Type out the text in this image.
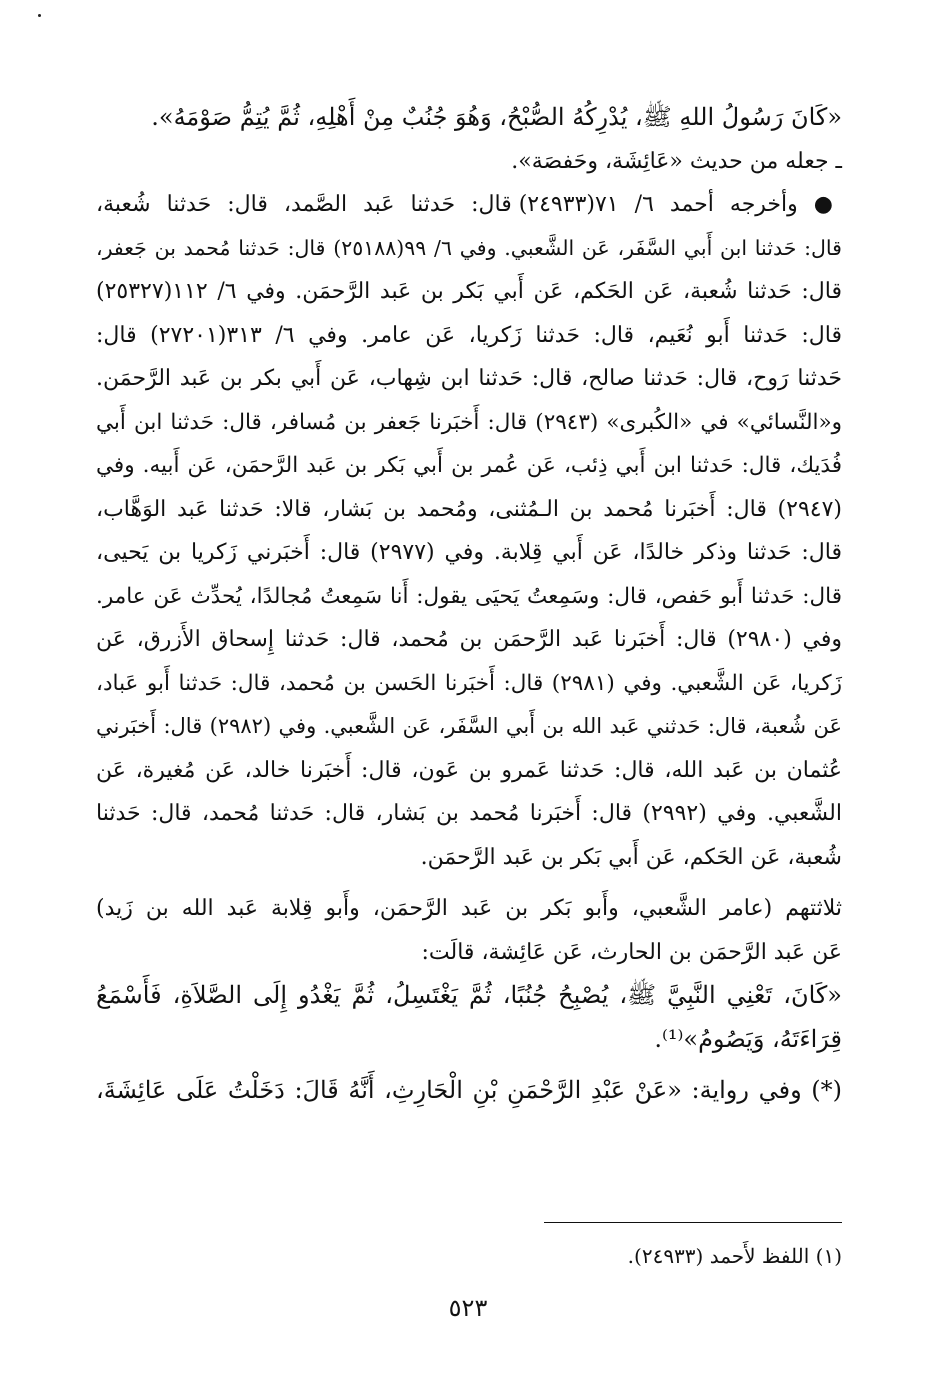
«كَانَ رَسُولُ اللهِ ﷺ، يُدْرِكُهُ الصُّبْحُ، وَهُوَ جُنُبٌ مِنْ أَهْلِهِ، ثُمَّ يُتِمُّ صَوْمَهُ».
ـ جعله من حديث «عَائِشَة، وحَفصَة».
● وأخرجه أحمد ٦/ ٧١(٢٤٩٣٣) قال: حَدثنا عَبد الصَّمد، قال: حَدثنا شُعبة،
قال: حَدثنا ابن أَبي السَّفَر، عَن الشَّعبي. وفي ٦/ ٩٩(٢٥١٨٨) قال: حَدثنا مُحمد بن جَعفر،
قال: حَدثنا شُعبة، عَن الحَكم، عَن أَبي بَكر بن عَبد الرَّحمَن. وفي ٦/ ١١٢(٢٥٣٢٧)
قال: حَدثنا أَبو نُعَيم، قال: حَدثنا زَكريا، عَن عامر. وفي ٦/ ٣١٣(٢٧٢٠١) قال:
حَدثنا رَوح، قال: حَدثنا صالح، قال: حَدثنا ابن شِهاب، عَن أَبي بكر بن عَبد الرَّحمَن.
و«النَّسائي» في «الكُبرى» (٢٩٤٣) قال: أَخبَرنا جَعفر بن مُسافر، قال: حَدثنا ابن أَبي
فُدَيك، قال: حَدثنا ابن أَبي ذِئب، عَن عُمر بن أَبي بَكر بن عَبد الرَّحمَن، عَن أَبيه. وفي
(٢٩٤٧) قال: أَخبَرنا مُحمد بن الـمُثنى، ومُحمد بن بَشار، قالا: حَدثنا عَبد الوَهَّاب،
قال: حَدثنا وذكر خالدًا، عَن أَبي قِلابة. وفي (٢٩٧٧) قال: أَخبَرني زَكريا بن يَحيى،
قال: حَدثنا أَبو حَفص، قال: وسَمِعتُ يَحيَى يقول: أَنا سَمِعتُ مُجالدًا، يُحدِّث عَن عامر.
وفي (٢٩٨٠) قال: أَخبَرنا عَبد الرَّحمَن بن مُحمد، قال: حَدثنا إِسحاق الأَزرق، عَن
زَكريا، عَن الشَّعبي. وفي (٢٩٨١) قال: أَخبَرنا الحَسن بن مُحمد، قال: حَدثنا أَبو عَباد،
عَن شُعبة، قال: حَدثني عَبد الله بن أَبي السَّفَر، عَن الشَّعبي. وفي (٢٩٨٢) قال: أَخبَرني
عُثمان بن عَبد الله، قال: حَدثنا عَمرو بن عَون، قال: أَخبَرنا خالد، عَن مُغيرة، عَن
الشَّعبي. وفي (٢٩٩٢) قال: أَخبَرنا مُحمد بن بَشار، قال: حَدثنا مُحمد، قال: حَدثنا
شُعبة، عَن الحَكم، عَن أَبي بَكر بن عَبد الرَّحمَن.
ثلاثتهم (عامر الشَّعبي، وأَبو بَكر بن عَبد الرَّحمَن، وأَبو قِلابة عَبد الله بن زَيد)
عَن عَبد الرَّحمَن بن الحارث، عَن عَائِشة، قالَت:
«كَانَ، تَعْنِي النَّبِيَّ ﷺ، يُصْبِحُ جُنُبًا، ثُمَّ يَغْتَسِلُ، ثُمَّ يَغْدُو إِلَى الصَّلاَةِ، فَأَسْمَعُ
قِرَاءَتَهُ، وَيَصُومُ»⁽¹⁾.
(*) وفي رواية: «عَنْ عَبْدِ الرَّحْمَنِ بْنِ الْحَارِثِ، أَنَّهُ قَالَ: دَخَلْتُ عَلَى عَائِشَةَ،
(١) اللفظ لأَحمد (٢٤٩٣٣).
٥٢٣
